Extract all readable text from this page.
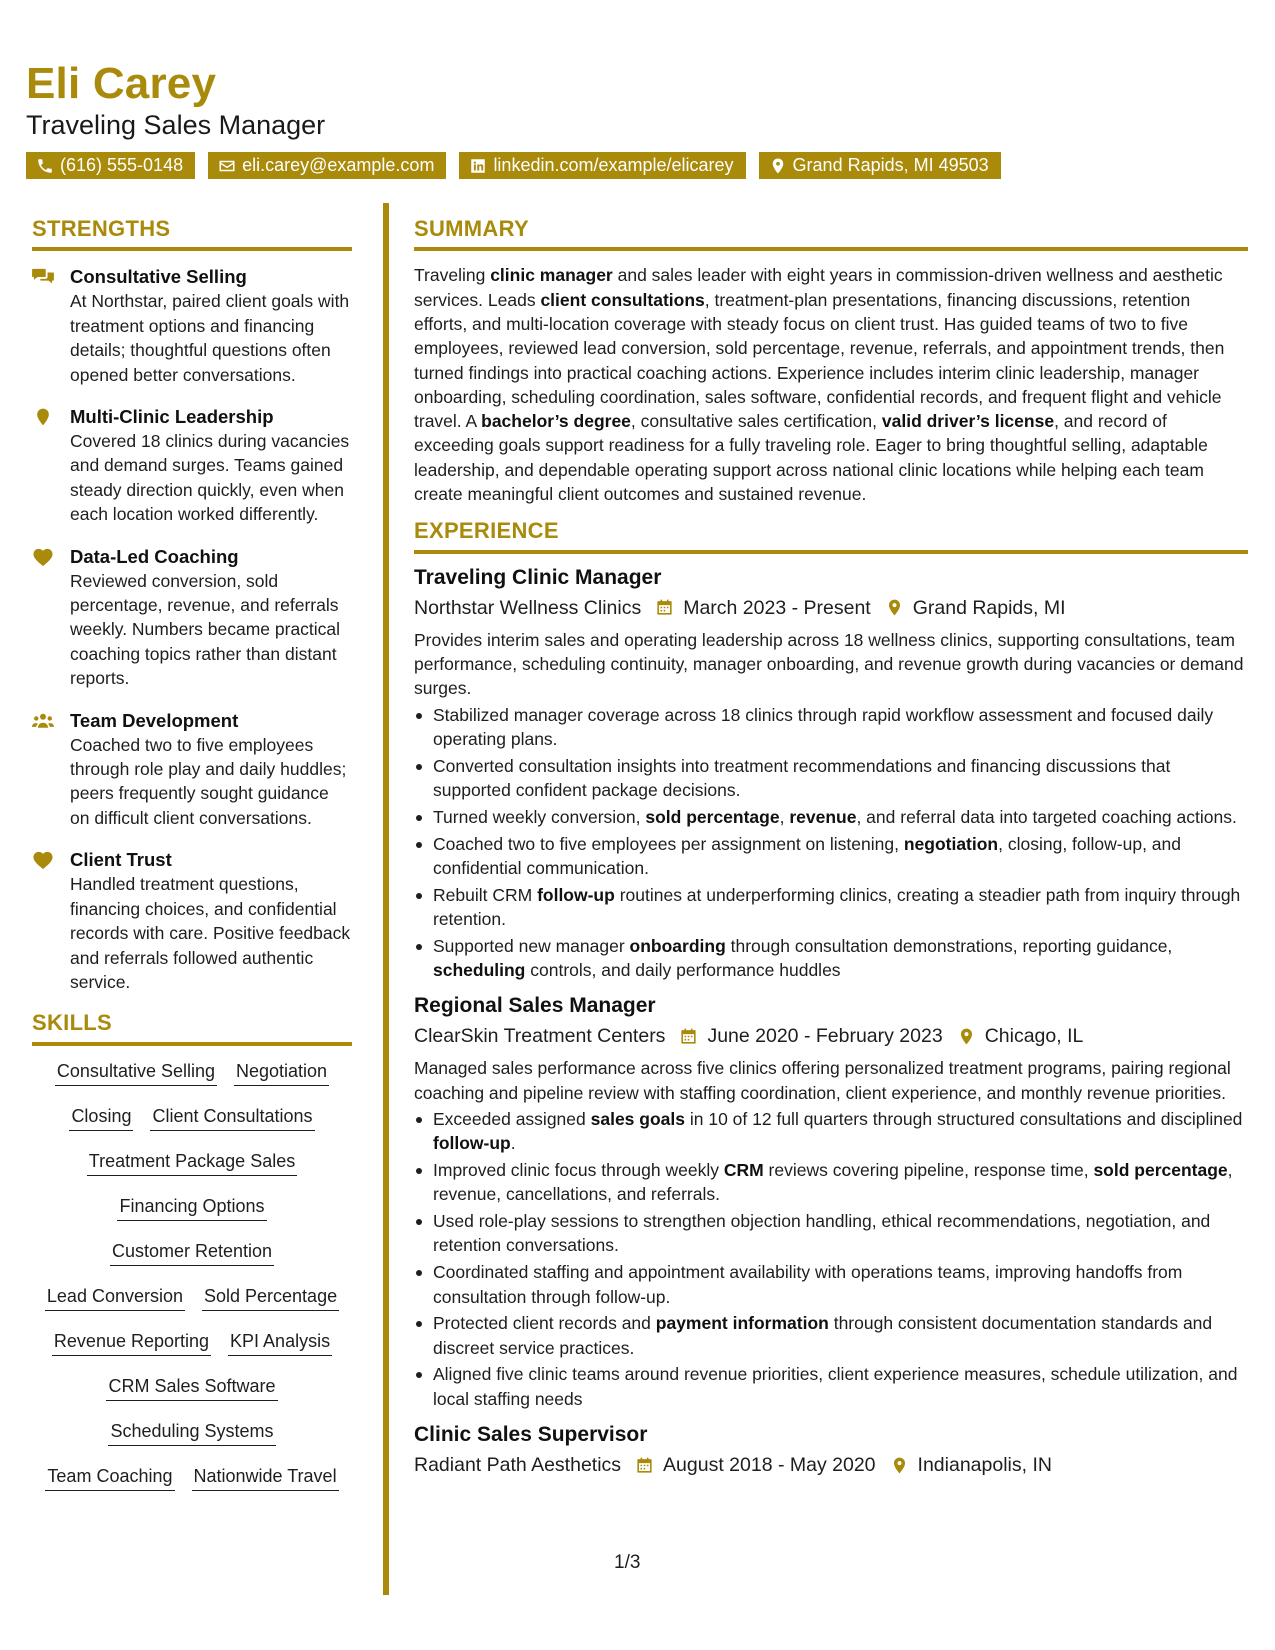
Eli Carey
Traveling Sales Manager
(616) 555-0148	eli.carey@example.com	linkedin.com/example/elicarey	Grand Rapids, MI 49503
STRENGTHS
Consultative Selling
At Northstar, paired client goals with treatment options and financing details; thoughtful questions often opened better conversations.
Multi-Clinic Leadership
Covered 18 clinics during vacancies and demand surges. Teams gained steady direction quickly, even when each location worked differently.
Data-Led Coaching
Reviewed conversion, sold percentage, revenue, and referrals weekly. Numbers became practical coaching topics rather than distant reports.
Team Development
Coached two to five employees through role play and daily huddles; peers frequently sought guidance on difficult client conversations.
Client Trust
Handled treatment questions, financing choices, and confidential records with care. Positive feedback and referrals followed authentic service.
SKILLS
Consultative Selling Negotiation
Closing Client Consultations
Treatment Package Sales
Financing Options
Customer Retention
Lead Conversion Sold Percentage
Revenue Reporting KPI Analysis
CRM Sales Software
Scheduling Systems
Team Coaching Nationwide Travel
SUMMARY
Traveling clinic manager and sales leader with eight years in commission-driven wellness and aesthetic services. Leads client consultations, treatment-plan presentations, financing discussions, retention efforts, and multi-location coverage with steady focus on client trust. Has guided teams of two to five employees, reviewed lead conversion, sold percentage, revenue, referrals, and appointment trends, then turned findings into practical coaching actions. Experience includes interim clinic leadership, manager onboarding, scheduling coordination, sales software, confidential records, and frequent flight and vehicle travel. A bachelor’s degree, consultative sales certification, valid driver’s license, and record of exceeding goals support readiness for a fully traveling role. Eager to bring thoughtful selling, adaptable leadership, and dependable operating support across national clinic locations while helping each team create meaningful client outcomes and sustained revenue.
EXPERIENCE
Traveling Clinic Manager
Northstar Wellness Clinics March 2023 - Present Grand Rapids, MI
Provides interim sales and operating leadership across 18 wellness clinics, supporting consultations, team performance, scheduling continuity, manager onboarding, and revenue growth during vacancies or demand surges.
Stabilized manager coverage across 18 clinics through rapid workflow assessment and focused daily operating plans.
Converted consultation insights into treatment recommendations and financing discussions that supported confident package decisions.
Turned weekly conversion, sold percentage, revenue, and referral data into targeted coaching actions.
Coached two to five employees per assignment on listening, negotiation, closing, follow-up, and confidential communication.
Rebuilt CRM follow-up routines at underperforming clinics, creating a steadier path from inquiry through retention.
Supported new manager onboarding through consultation demonstrations, reporting guidance, scheduling controls, and daily performance huddles
Regional Sales Manager
ClearSkin Treatment Centers June 2020 - February 2023 Chicago, IL
Managed sales performance across five clinics offering personalized treatment programs, pairing regional coaching and pipeline review with staffing coordination, client experience, and monthly revenue priorities.
Exceeded assigned sales goals in 10 of 12 full quarters through structured consultations and disciplined follow-up.
Improved clinic focus through weekly CRM reviews covering pipeline, response time, sold percentage, revenue, cancellations, and referrals.
Used role-play sessions to strengthen objection handling, ethical recommendations, negotiation, and retention conversations.
Coordinated staffing and appointment availability with operations teams, improving handoffs from consultation through follow-up.
Protected client records and payment information through consistent documentation standards and discreet service practices.
Aligned five clinic teams around revenue priorities, client experience measures, schedule utilization, and local staffing needs
Clinic Sales Supervisor
Radiant Path Aesthetics August 2018 - May 2020 Indianapolis, IN
1/3
